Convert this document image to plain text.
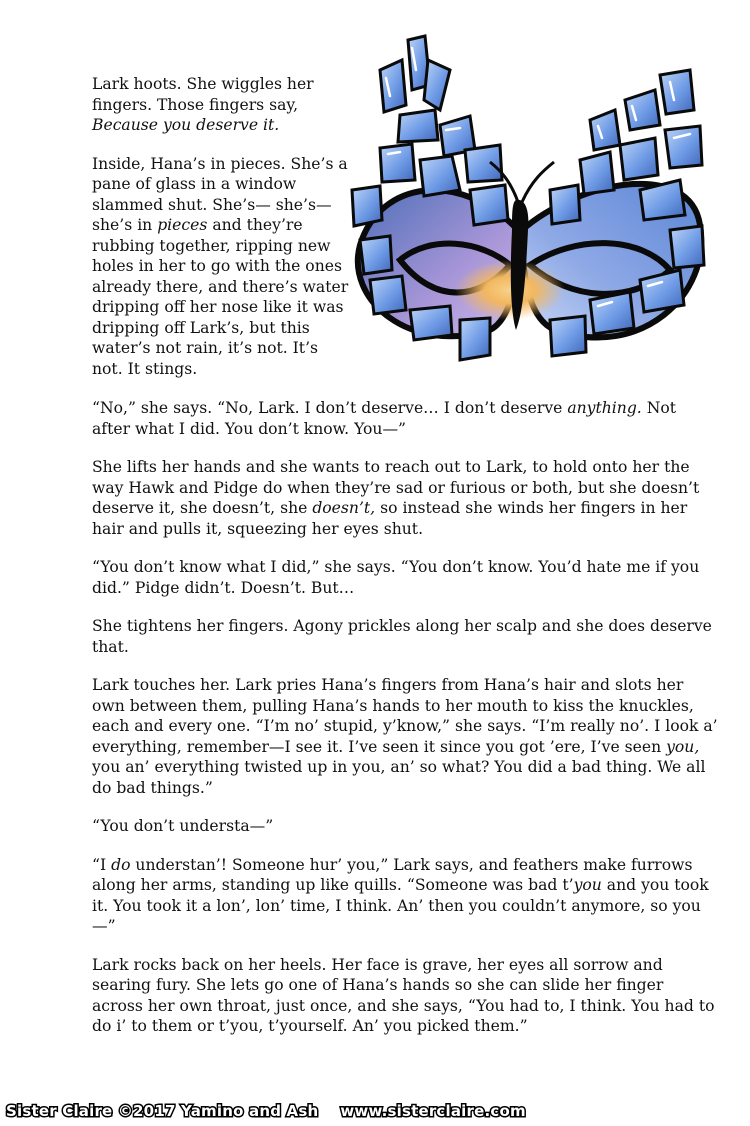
Lark hoots. She wiggles her fingers. Those fingers say, Because you deserve it.

Inside, Hana’s in pieces. She’s a pane of glass in a window slammed shut. She’s— she’s— she’s in pieces and they’re rubbing together, ripping new holes in her to go with the ones already there, and there’s water dripping off her nose like it was dripping off Lark’s, but this water’s not rain, it’s not. It’s not. It stings.

“No,” she says. “No, Lark. I don’t deserve… I don’t deserve anything. Not after what I did. You don’t know. You—”

She lifts her hands and she wants to reach out to Lark, to hold onto her the way Hawk and Pidge do when they’re sad or furious or both, but she doesn’t deserve it, she doesn’t, she doesn’t, so instead she winds her fingers in her hair and pulls it, squeezing her eyes shut.

“You don’t know what I did,” she says. “You don’t know. You’d hate me if you did.” Pidge didn’t. Doesn’t. But…

She tightens her fingers. Agony prickles along her scalp and she does deserve that.

Lark touches her. Lark pries Hana’s fingers from Hana’s hair and slots her own between them, pulling Hana’s hands to her mouth to kiss the knuckles, each and every one. “I’m no’ stupid, y’know,” she says. “I’m really no’. I look a’ everything, remember—I see it. I’ve seen it since you got ’ere, I’ve seen you, you an’ everything twisted up in you, an’ so what? You did a bad thing. We all do bad things.”

“You don’t understa—”

“I do understan’! Someone hur’ you,” Lark says, and feathers make furrows along her arms, standing up like quills. “Someone was bad t’you and you took it. You took it a lon’, lon’ time, I think. An’ then you couldn’t anymore, so you—”

Lark rocks back on her heels. Her face is grave, her eyes all sorrow and searing fury. She lets go one of Hana’s hands so she can slide her finger across her own throat, just once, and she says, “You had to, I think. You had to do i’ to them or t’you, t’yourself. An’ you picked them.”

Sister Claire ©2017 Yamino and Ash www.sisterclaire.com
